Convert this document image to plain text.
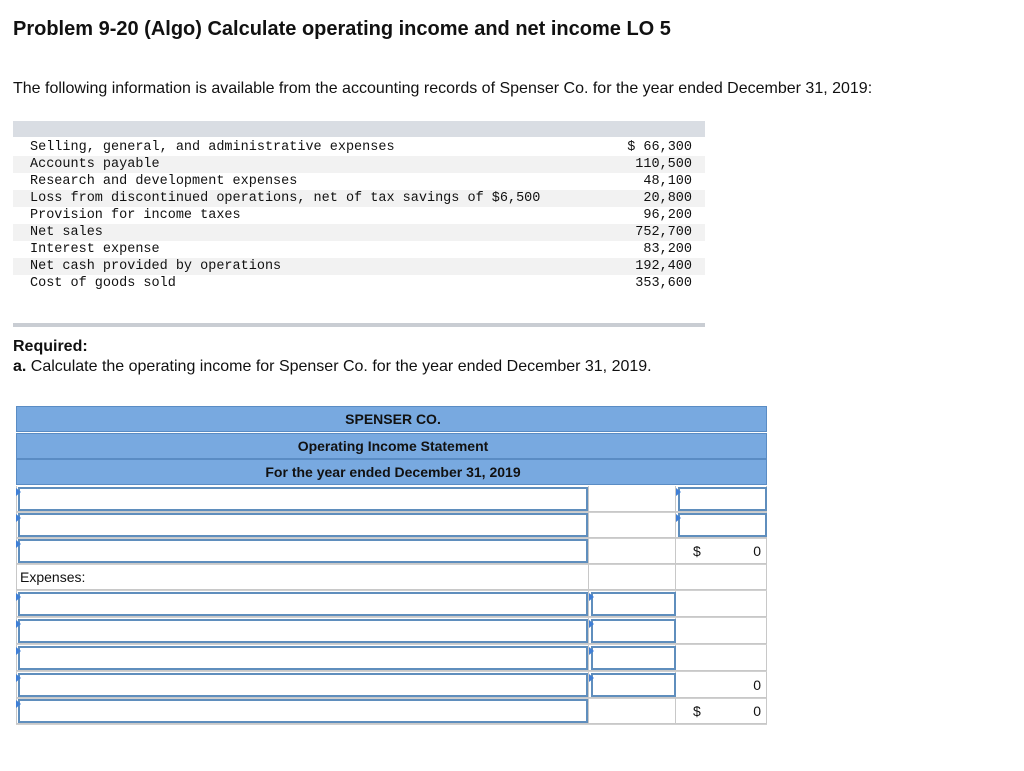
Problem 9-20 (Algo) Calculate operating income and net income LO 5
The following information is available from the accounting records of Spenser Co. for the year ended December 31, 2019:
Selling, general, and administrative expenses	$ 66,300
Accounts payable	110,500
Research and development expenses	48,100
Loss from discontinued operations, net of tax savings of $6,500	20,800
Provision for income taxes	96,200
Net sales	752,700
Interest expense	83,200
Net cash provided by operations	192,400
Cost of goods sold	353,600
Required:
a. Calculate the operating income for Spenser Co. for the year ended December 31, 2019.
SPENSER CO.
Operating Income Statement
For the year ended December 31, 2019
$	0
Expenses:
0
$	0
